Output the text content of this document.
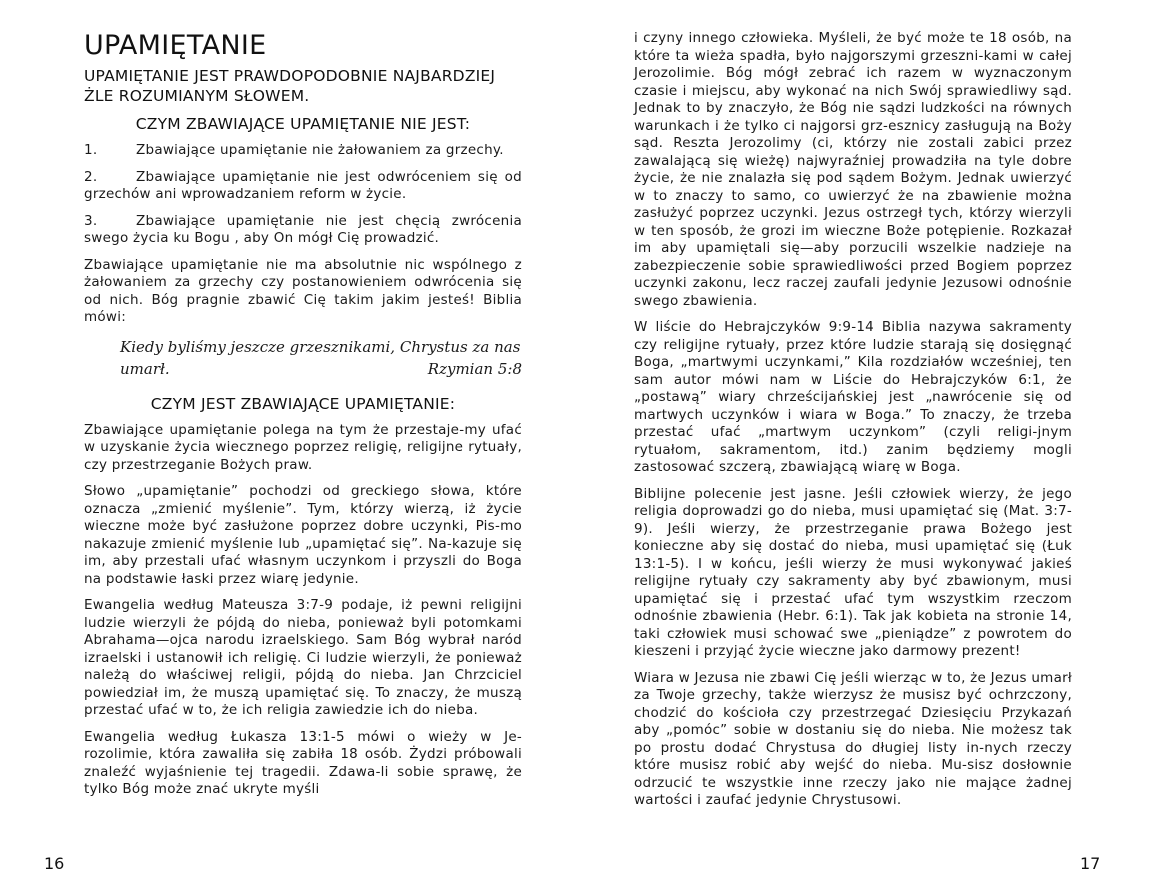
UPAMIĘTANIE
UPAMIĘTANIE JEST PRAWDOPODOBNIE NAJBARDZIEJ ŻLE ROZUMIANYM SŁOWEM.
CZYM ZBAWIAJĄCE UPAMIĘTANIE NIE JEST:

1.	Zbawiające upamiętanie nie żałowaniem za grzechy.

2.	Zbawiające upamiętanie nie jest odwróceniem się od grzechów ani wprowadzaniem reform w życie.

3.	Zbawiające upamiętanie nie jest chęcią zwrócenia swego życia ku Bogu , aby On mógł Cię prowadzić.

Zbawiające upamiętanie nie ma absolutnie nic wspólnego z żałowaniem za grzechy czy postanowieniem odwrócenia się od nich. Bóg pragnie zbawić Cię takim jakim jesteś! Biblia mówi:

Kiedy byliśmy jeszcze grzesznikami, Chrystus za nas
umarł.	Rzymian 5:8
CZYM JEST ZBAWIAJĄCE UPAMIĘTANIE:

Zbawiające upamiętanie polega na tym że przestaje-my ufać w uzyskanie życia wiecznego poprzez religię, religijne rytuały, czy przestrzeganie Bożych praw.

Słowo „upamiętanie” pochodzi od greckiego słowa, które oznacza „zmienić myślenie”. Tym, którzy wierzą, iż życie wieczne może być zasłużone poprzez dobre uczynki, Pis-mo nakazuje zmienić myślenie lub „upamiętać się”. Na-kazuje się im, aby przestali ufać własnym uczynkom i przyszli do Boga na podstawie łaski przez wiarę jedynie.

Ewangelia według Mateusza 3:7-9 podaje, iż pewni religijni ludzie wierzyli że pójdą do nieba, ponieważ byli potomkami Abrahama—ojca narodu izraelskiego. Sam Bóg wybrał naród izraelski i ustanowił ich religię. Ci ludzie wierzyli, że ponieważ należą do właściwej religii, pójdą do nieba. Jan Chrzciciel powiedział im, że muszą upamiętać się. To znaczy, że muszą przestać ufać w to, że ich religia zawiedzie ich do nieba.

Ewangelia według Łukasza 13:1-5 mówi o wieży w Je-rozolimie, która zawaliła się zabiła 18 osób. Żydzi próbowali znaleźć wyjaśnienie tej tragedii. Zdawa-li sobie sprawę, że tylko Bóg może znać ukryte myśli

16

i czyny innego człowieka. Myśleli, że być może te 18 osób, na które ta wieża spadła, było najgorszymi grzeszni-kami w całej Jerozolimie. Bóg mógł zebrać ich razem w wyznaczonym czasie i miejscu, aby wykonać na nich Swój sprawiedliwy sąd. Jednak to by znaczyło, że Bóg nie sądzi ludzkości na równych warunkach i że tylko ci najgorsi grz-esznicy zasługują na Boży sąd. Reszta Jerozolimy (ci, którzy nie zostali zabici przez zawalającą się wieżę) najwyraźniej prowadziła na tyle dobre życie, że nie znalazła się pod sądem Bożym. Jednak uwierzyć w to znaczy to samo, co uwierzyć że na zbawienie można zasłużyć poprzez uczynki. Jezus ostrzegł tych, którzy wierzyli w ten sposób, że grozi im wieczne Boże potępienie. Rozkazał im aby upamiętali się—aby porzucili wszelkie nadzieje na zabezpieczenie sobie sprawiedliwości przed Bogiem poprzez uczynki zakonu, lecz raczej zaufali jedynie Jezusowi odnośnie swego zbawienia.

W liście do Hebrajczyków 9:9-14 Biblia nazywa sakramenty czy religijne rytuały, przez które ludzie starają się dosięgnąć Boga, „martwymi uczynkami,” Kila rozdziałów wcześniej, ten sam autor mówi nam w Liście do Hebrajczyków 6:1, że „postawą” wiary chrześcijańskiej jest „nawrócenie się od martwych uczynków i wiara w Boga.” To znaczy, że trzeba przestać ufać „martwym uczynkom” (czyli religi-jnym rytuałom, sakramentom, itd.) zanim będziemy mogli zastosować szczerą, zbawiającą wiarę w Boga.

Biblijne polecenie jest jasne. Jeśli człowiek wierzy, że jego religia doprowadzi go do nieba, musi upamiętać się (Mat. 3:7-9). Jeśli wierzy, że przestrzeganie prawa Bożego jest konieczne aby się dostać do nieba, musi upamiętać się (Łuk 13:1-5). I w końcu, jeśli wierzy że musi wykonywać jakieś religijne rytuały czy sakramenty aby być zbawionym, musi upamiętać się i przestać ufać tym wszystkim rzeczom odnośnie zbawienia (Hebr. 6:1). Tak jak kobieta na stronie 14, taki człowiek musi schować swe „pieniądze” z powrotem do kieszeni i przyjąć życie wieczne jako darmowy prezent!

Wiara w Jezusa nie zbawi Cię jeśli wierząc w to, że Jezus umarł za Twoje grzechy, także wierzysz że musisz być ochrzczony, chodzić do kościoła czy przestrzegać Dziesięciu Przykazań aby „pomóc” sobie w dostaniu się do nieba. Nie możesz tak po prostu dodać Chrystusa do długiej listy in-nych rzeczy które musisz robić aby wejść do nieba. Mu-sisz dosłownie odrzucić te wszystkie inne rzeczy jako nie mające żadnej wartości i zaufać jedynie Chrystusowi.

17
